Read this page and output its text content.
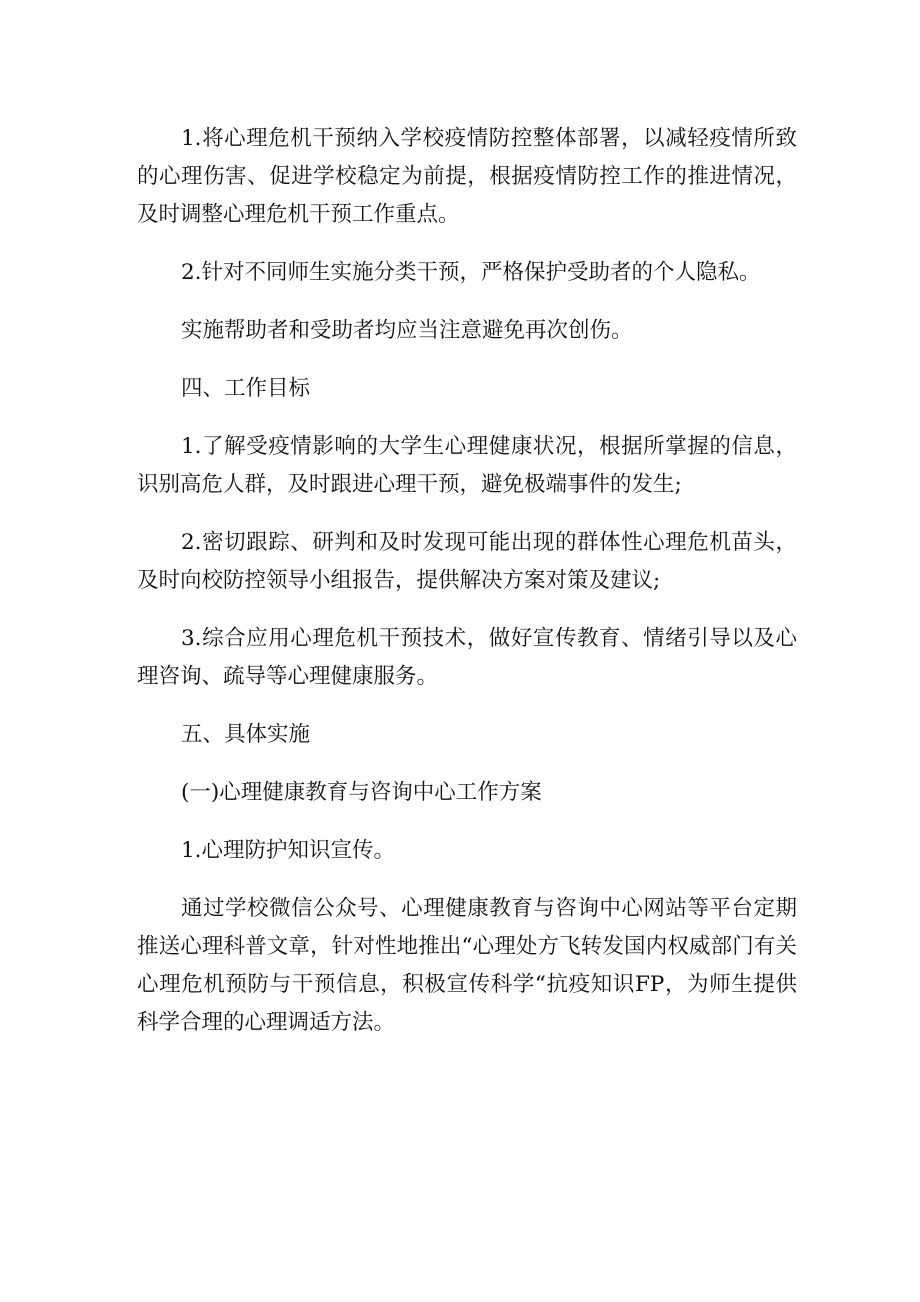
1.将心理危机干预纳入学校疫情防控整体部署，以减轻疫情所致的心理伤害、促进学校稳定为前提，根据疫情防控工作的推进情况，及时调整心理危机干预工作重点。

2.针对不同师生实施分类干预，严格保护受助者的个人隐私。

实施帮助者和受助者均应当注意避免再次创伤。

四、工作目标

1.了解受疫情影响的大学生心理健康状况，根据所掌握的信息，识别高危人群，及时跟进心理干预，避免极端事件的发生;

2.密切跟踪、研判和及时发现可能出现的群体性心理危机苗头，及时向校防控领导小组报告，提供解决方案对策及建议;

3.综合应用心理危机干预技术，做好宣传教育、情绪引导以及心理咨询、疏导等心理健康服务。

五、具体实施

(一)心理健康教育与咨询中心工作方案

1.心理防护知识宣传。

通过学校微信公众号、心理健康教育与咨询中心网站等平台定期推送心理科普文章，针对性地推出“心理处方飞转发国内权威部门有关心理危机预防与干预信息，积极宣传科学“抗疫知识FP，为师生提供科学合理的心理调适方法。
